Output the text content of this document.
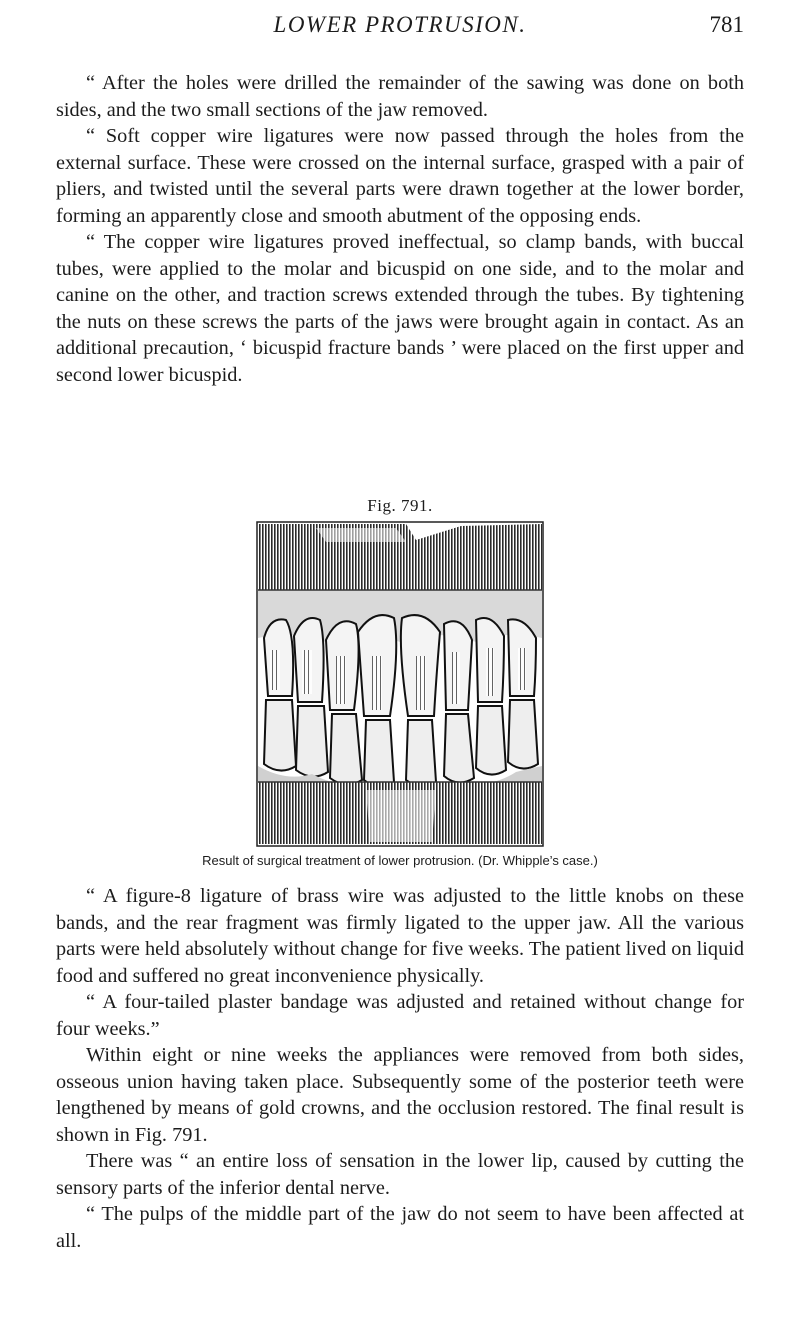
LOWER PROTRUSION.	781

“ After the holes were drilled the remainder of the sawing was done on both sides, and the two small sections of the jaw removed.

“ Soft copper wire ligatures were now passed through the holes from the external surface. These were crossed on the internal surface, grasped with a pair of pliers, and twisted until the several parts were drawn together at the lower border, forming an apparently close and smooth abutment of the opposing ends.

“ The copper wire ligatures proved ineffectual, so clamp bands, with buccal tubes, were applied to the molar and bicuspid on one side, and to the molar and canine on the other, and traction screws extended through the tubes. By tightening the nuts on these screws the parts of the jaws were brought again in contact. As an additional precaution, ‘ bicuspid fracture bands ’ were placed on the first upper and second lower bicuspid.

Fig. 791.
Result of surgical treatment of lower protrusion. (Dr. Whipple’s case.)

“ A figure-8 ligature of brass wire was adjusted to the little knobs on these bands, and the rear fragment was firmly ligated to the upper jaw. All the various parts were held absolutely without change for five weeks. The patient lived on liquid food and suffered no great inconvenience physically.

“ A four-tailed plaster bandage was adjusted and retained without change for four weeks.”

Within eight or nine weeks the appliances were removed from both sides, osseous union having taken place. Subsequently some of the posterior teeth were lengthened by means of gold crowns, and the occlusion restored. The final result is shown in Fig. 791.

There was “ an entire loss of sensation in the lower lip, caused by cutting the sensory parts of the inferior dental nerve.

“ The pulps of the middle part of the jaw do not seem to have been affected at all.
